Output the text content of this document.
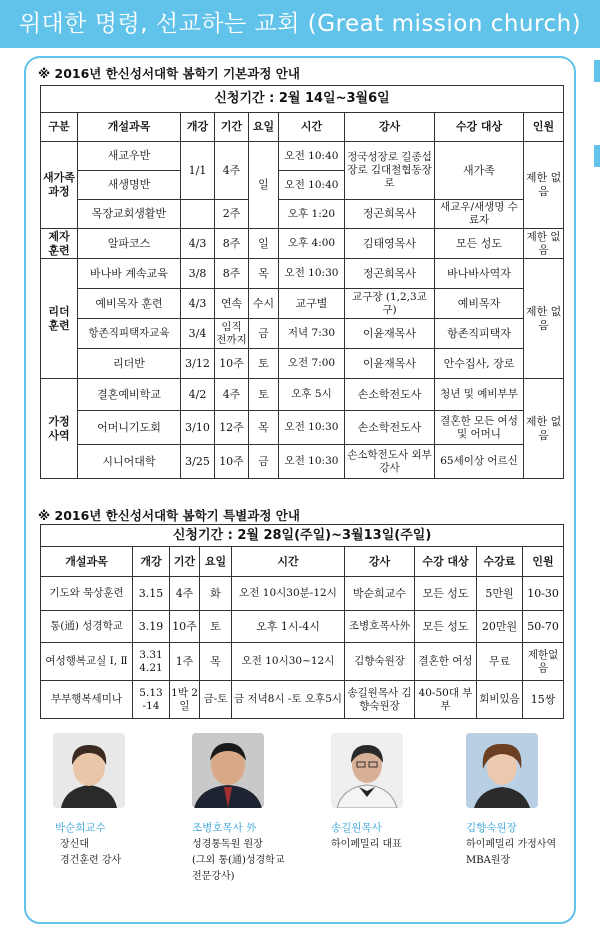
위대한 명령, 선교하는 교회 (Great mission church)
※ 2016년 한신성서대학 봄학기 기본과정 안내
신청기간 : 2월 14일~3월6일								
구분	개설과목	개강	기간	요일	시간	강사	수강 대상	인원
새가족 과정	새교우반	1/1	4주	일	오전 10:40	정국성장로 길종섭장로 김대철협동장로	새가족	제한 없음
	새생명반				오전 10:40			
	목장교회생활반		2주		오후 1:20	정곤희목사	새교우/새생명 수료자	
제자 훈련	알파코스	4/3	8주	일	오후 4:00	김태영목사	모든 성도	제한 없음
리더 훈련	바나바 계속교육	3/8	8주	목	오전 10:30	정곤희목사	바나바사역자	제한 없음
	예비목자 훈련	4/3	연속	수시	교구별	교구장 (1,2,3교구)	예비목자	
	항존직피택자교육	3/4	임직 전까지	금	저녁 7:30	이윤재목사	항존직피택자	
	리더반	3/12	10주	토	오전 7:00	이윤재목사	안수집사, 장로	
가정 사역	결혼예비학교	4/2	4주	토	오후 5시	손소학전도사	청년 및 예비부부	제한 없음
	어머니기도회	3/10	12주	목	오전 10:30	손소학전도사	결혼한 모든 여성 및 어머니	
	시니어대학	3/25	10주	금	오전 10:30	손소학전도사 외부강사	65세이상 어르신	
※ 2016년 한신성서대학 봄학기 특별과정 안내
신청기간 : 2월 28일(주일)~3월13일(주일)								
개설과목	개강	기간	요일	시간	강사	수강 대상	수강료	인원
기도와 묵상훈련	3.15	4주	화	오전 10시30분-12시	박순희교수	모든 성도	5만원	10-30
통(通) 성경학교	3.19	10주	토	오후 1시-4시	조병호목사外	모든 성도	20만원	50-70
여성행복교실 Ⅰ, Ⅱ	3.31 4.21	1주	목	오전 10시30~12시	김향숙원장	결혼한 여성	무료	제한없음
부부행복세미나	5.13 -14	1박 2일	금-토	금 저녁8시 -토 오후5시	송길원목사 김향숙원장	40-50대 부부	회비있음	15쌍
박순희교수
장신대
경건훈련 강사
조병호목사 外
성경통독원 원장
(그외 통(通)성경학교
전문강사)
송길원목사
하이페밀리 대표
김향숙원장
하이페밀리 가정사역
MBA원장
